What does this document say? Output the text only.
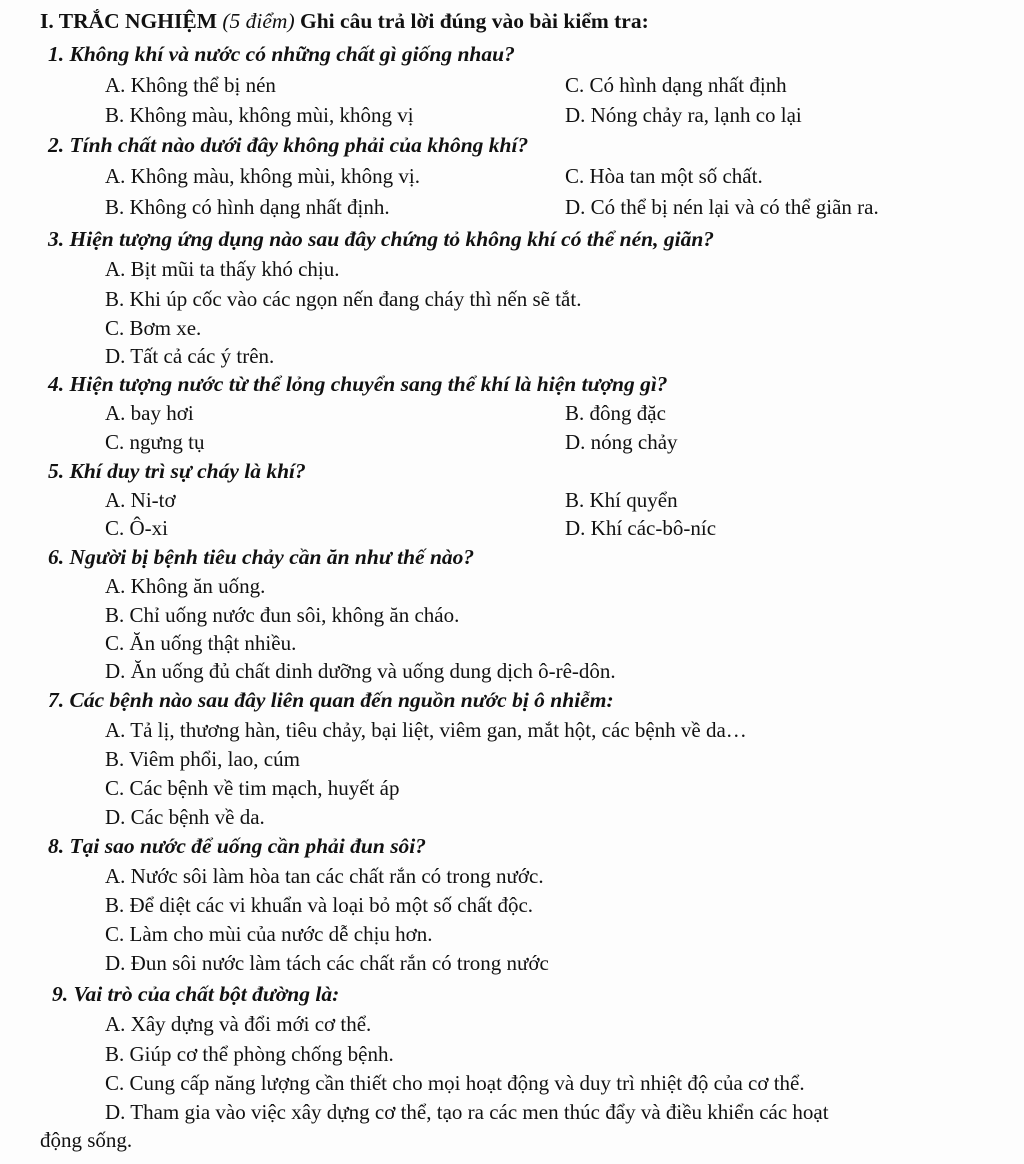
I. TRẮC NGHIỆM (5 điểm) Ghi câu trả lời đúng vào bài kiểm tra:
1. Không khí và nước có những chất gì giống nhau?
A. Không thể bị nén	C. Có hình dạng nhất định
B. Không màu, không mùi, không vị	D. Nóng chảy ra, lạnh co lại
2. Tính chất nào dưới đây không phải của không khí?
A. Không màu, không mùi, không vị.	C. Hòa tan một số chất.
B. Không có hình dạng nhất định.	D. Có thể bị nén lại và có thể giãn ra.
3. Hiện tượng ứng dụng nào sau đây chứng tỏ không khí có thể nén, giãn?
A. Bịt mũi ta thấy khó chịu.
B. Khi úp cốc vào các ngọn nến đang cháy thì nến sẽ tắt.
C. Bơm xe.
D. Tất cả các ý trên.
4. Hiện tượng nước từ thể lỏng chuyển sang thể khí là hiện tượng gì?
A. bay hơi	B. đông đặc
C. ngưng tụ	D. nóng chảy
5. Khí duy trì sự cháy là khí?
A. Ni-tơ	B. Khí quyển
C. Ô-xi	D. Khí các-bô-níc
6. Người bị bệnh tiêu chảy cần ăn như thế nào?
A. Không ăn uống.
B. Chỉ uống nước đun sôi, không ăn cháo.
C. Ăn uống thật nhiều.
D. Ăn uống đủ chất dinh dưỡng và uống dung dịch ô-rê-dôn.
7. Các bệnh nào sau đây liên quan đến nguồn nước bị ô nhiễm:
A. Tả lị, thương hàn, tiêu chảy, bại liệt, viêm gan, mắt hột, các bệnh về da…
B. Viêm phổi, lao, cúm
C. Các bệnh về tim mạch, huyết áp
D. Các bệnh về da.
8. Tại sao nước để uống cần phải đun sôi?
A. Nước sôi làm hòa tan các chất rắn có trong nước.
B. Để diệt các vi khuẩn và loại bỏ một số chất độc.
C. Làm cho mùi của nước dễ chịu hơn.
D. Đun sôi nước làm tách các chất rắn có trong nước
9. Vai trò của chất bột đường là:
A. Xây dựng và đổi mới cơ thể.
B. Giúp cơ thể phòng chống bệnh.
C. Cung cấp năng lượng cần thiết cho mọi hoạt động và duy trì nhiệt độ của cơ thể.
D. Tham gia vào việc xây dựng cơ thể, tạo ra các men thúc đẩy và điều khiển các hoạt
động sống.
